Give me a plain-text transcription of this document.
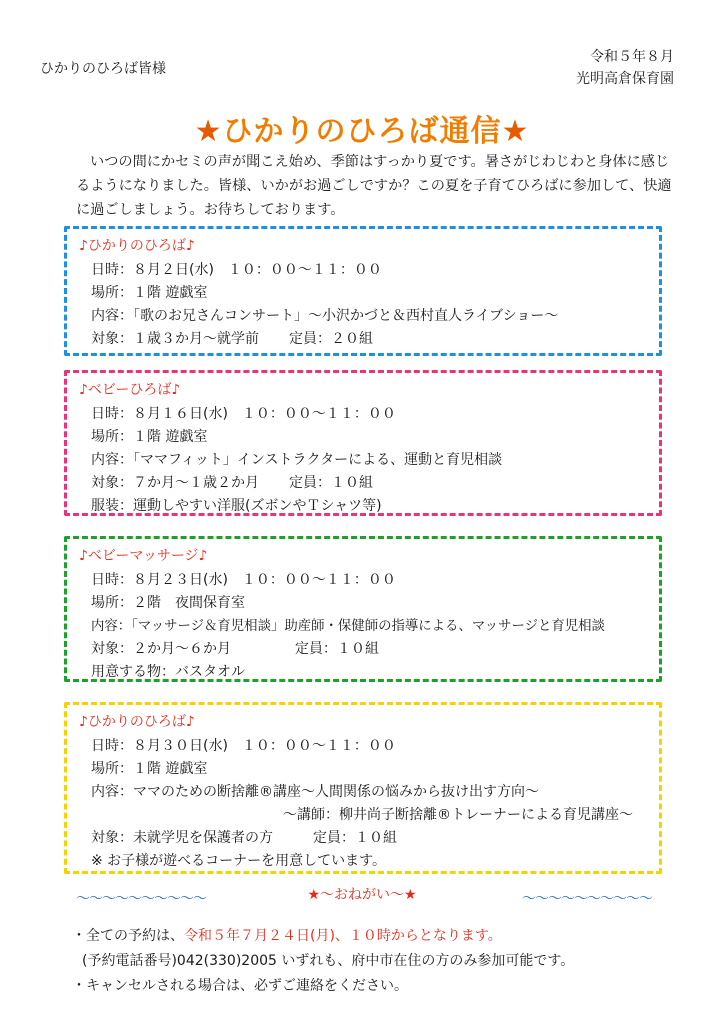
ひかりのひろば皆様
令和５年８月
光明高倉保育園
★ひかりのひろば通信★
いつの間にかセミの声が聞こえ始め、季節はすっかり夏です。暑さがじわじわと身体に感じるようになりました。皆様、いかがお過ごしですか？この夏を子育てひろばに参加して、快適に過ごしましょう。お待ちしております。
♪ひかりのひろば♪
日時：８月２日(水)　１０：００～１１：００
場所：１階 遊戯室
内容：「歌のお兄さんコンサート」～小沢かづと＆西村直人ライブショー～
対象：１歳３か月～就学前 定員：２０組
♪ベビーひろば♪
日時：８月１６日(水)　１０：００～１１：００
場所：１階 遊戯室
内容：「ママフィット」インストラクターによる、運動と育児相談
対象：７か月～１歳２か月 定員：１０組
服装：運動しやすい洋服(ズボンやＴシャツ等)
♪ベビーマッサージ♪
日時：８月２３日(水)　１０：００～１１：００
場所：２階　夜間保育室
内容：「マッサージ＆育児相談」助産師・保健師の指導による、マッサージと育児相談
対象：２か月～６か月	定員：１０組
用意する物：バスタオル
♪ひかりのひろば♪
日時：８月３０日(水)　１０：００～１１：００
場所：１階 遊戯室
内容：ママのための断捨離®講座～人間関係の悩みから抜け出す方向～
～講師：柳井尚子断捨離®トレーナーによる育児講座～
対象：未就学児を保護者の方	定員：１０組
※ お子様が遊べるコーナーを用意しています。
～～～～～～～～～～	★～おねがい～★	～～～～～～～～～～
・全ての予約は、令和５年７月２４日(月)、１０時からとなります。
(予約電話番号)042(330)2005 いずれも、府中市在住の方のみ参加可能です。
・キャンセルされる場合は、必ずご連絡をください。
